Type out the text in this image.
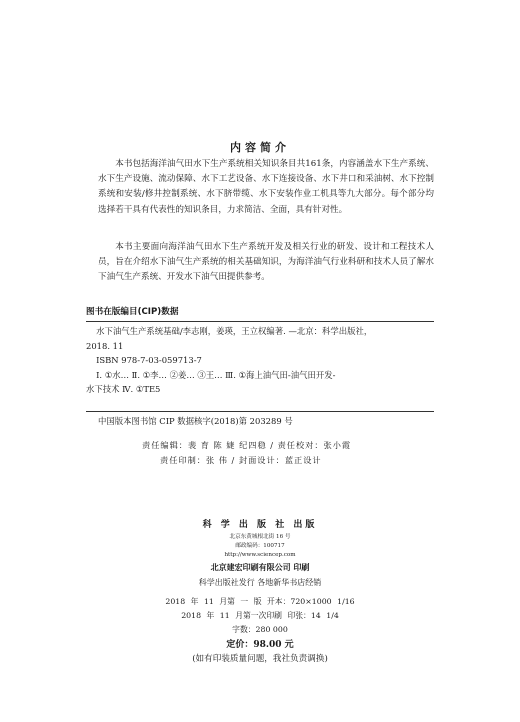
内容简介

本书包括海洋油气田水下生产系统相关知识条目共161条，内容涵盖水下生产系统、水下生产设施、流动保障、水下工艺设备、水下连接设备、水下井口和采油树、水下控制系统和安装/修井控制系统、水下脐带缆、水下安装作业工机具等九大部分。每个部分均选择若干具有代表性的知识条目，力求简洁、全面，具有针对性。

本书主要面向海洋油气田水下生产系统开发及相关行业的研发、设计和工程技术人员，旨在介绍水下油气生产系统的相关基础知识，为海洋油气行业科研和技术人员了解水下油气生产系统、开发水下油气田提供参考。

图书在版编目(CIP)数据
水下油气生产系统基础/李志刚，姜瑛，王立权编著. —北京：科学出版社，
2018. 11
ISBN 978-7-03-059713-7
Ⅰ. ①水… Ⅱ. ①李… ②姜… ③王… Ⅲ. ①海上油气田-油气田开发-
水下技术 Ⅳ. ①TE5
中国版本图书馆 CIP 数据核字(2018)第 203289 号
责任编辑：裴 育 陈 婕 纪四稳 / 责任校对：张小霞
责任印制：张 伟 / 封面设计：蓝正设计
科 学 出 版 社 出版
北京东黄城根北街 16 号
邮政编码：100717
http://www.sciencep.com
北京建宏印刷有限公司 印刷
科学出版社发行 各地新华书店经销
2018 年 11 月第 一 版 开本：720×1000 1/16
2018 年 11 月第一次印刷 印张：14 1/4
字数：280 000
定价：98.00 元
(如有印装质量问题，我社负责调换)
